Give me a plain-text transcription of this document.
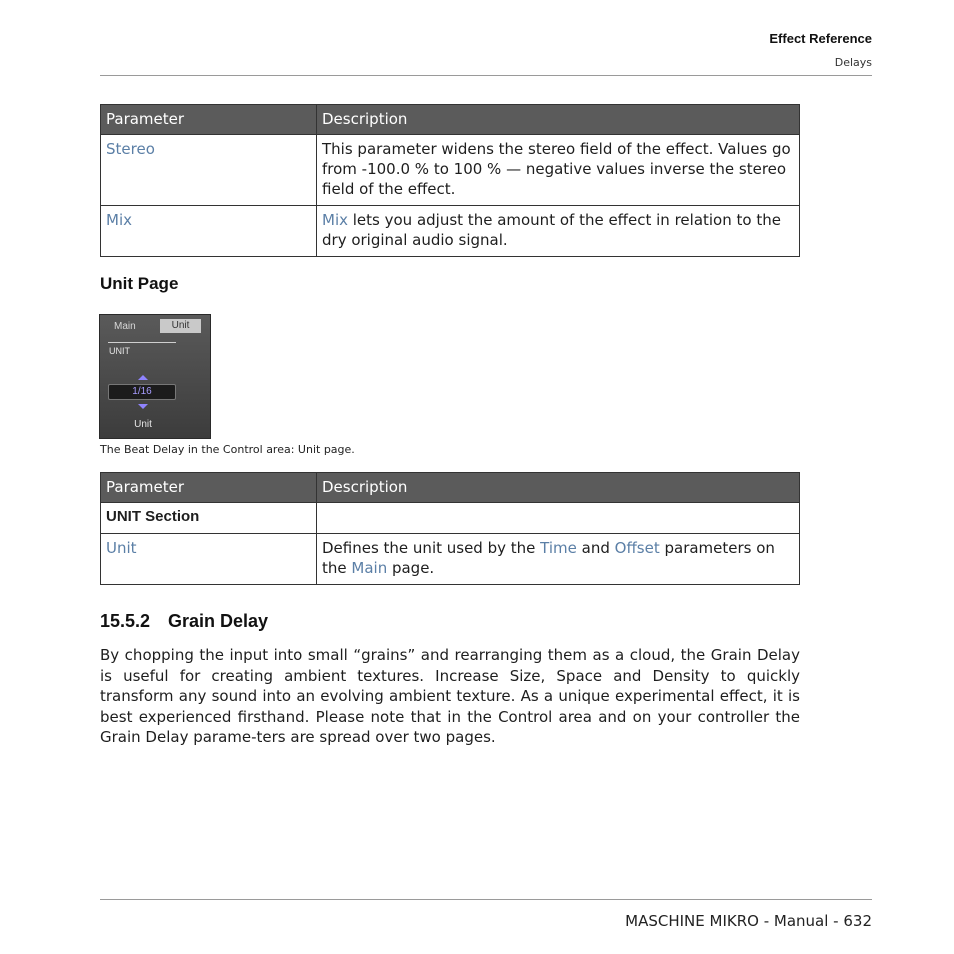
Effect Reference
Delays
Parameter	Description
Stereo	This parameter widens the stereo field of the effect. Values go from -100.0 % to 100 % — negative values inverse the stereo field of the effect.
Mix	Mix lets you adjust the amount of the effect in relation to the dry original audio signal.
Unit Page
Main	Unit
UNIT
1/16
Unit
The Beat Delay in the Control area: Unit page.
Parameter	Description
UNIT Section	
Unit	Defines the unit used by the Time and Offset parameters on the Main page.
15.5.2 Grain Delay

By chopping the input into small “grains” and rearranging them as a cloud, the Grain Delay is useful for creating ambient textures. Increase Size, Space and Density to quickly transform any sound into an evolving ambient texture. As a unique experimental effect, it is best experienced firsthand. Please note that in the Control area and on your controller the Grain Delay parame-ters are spread over two pages.

MASCHINE MIKRO - Manual - 632
